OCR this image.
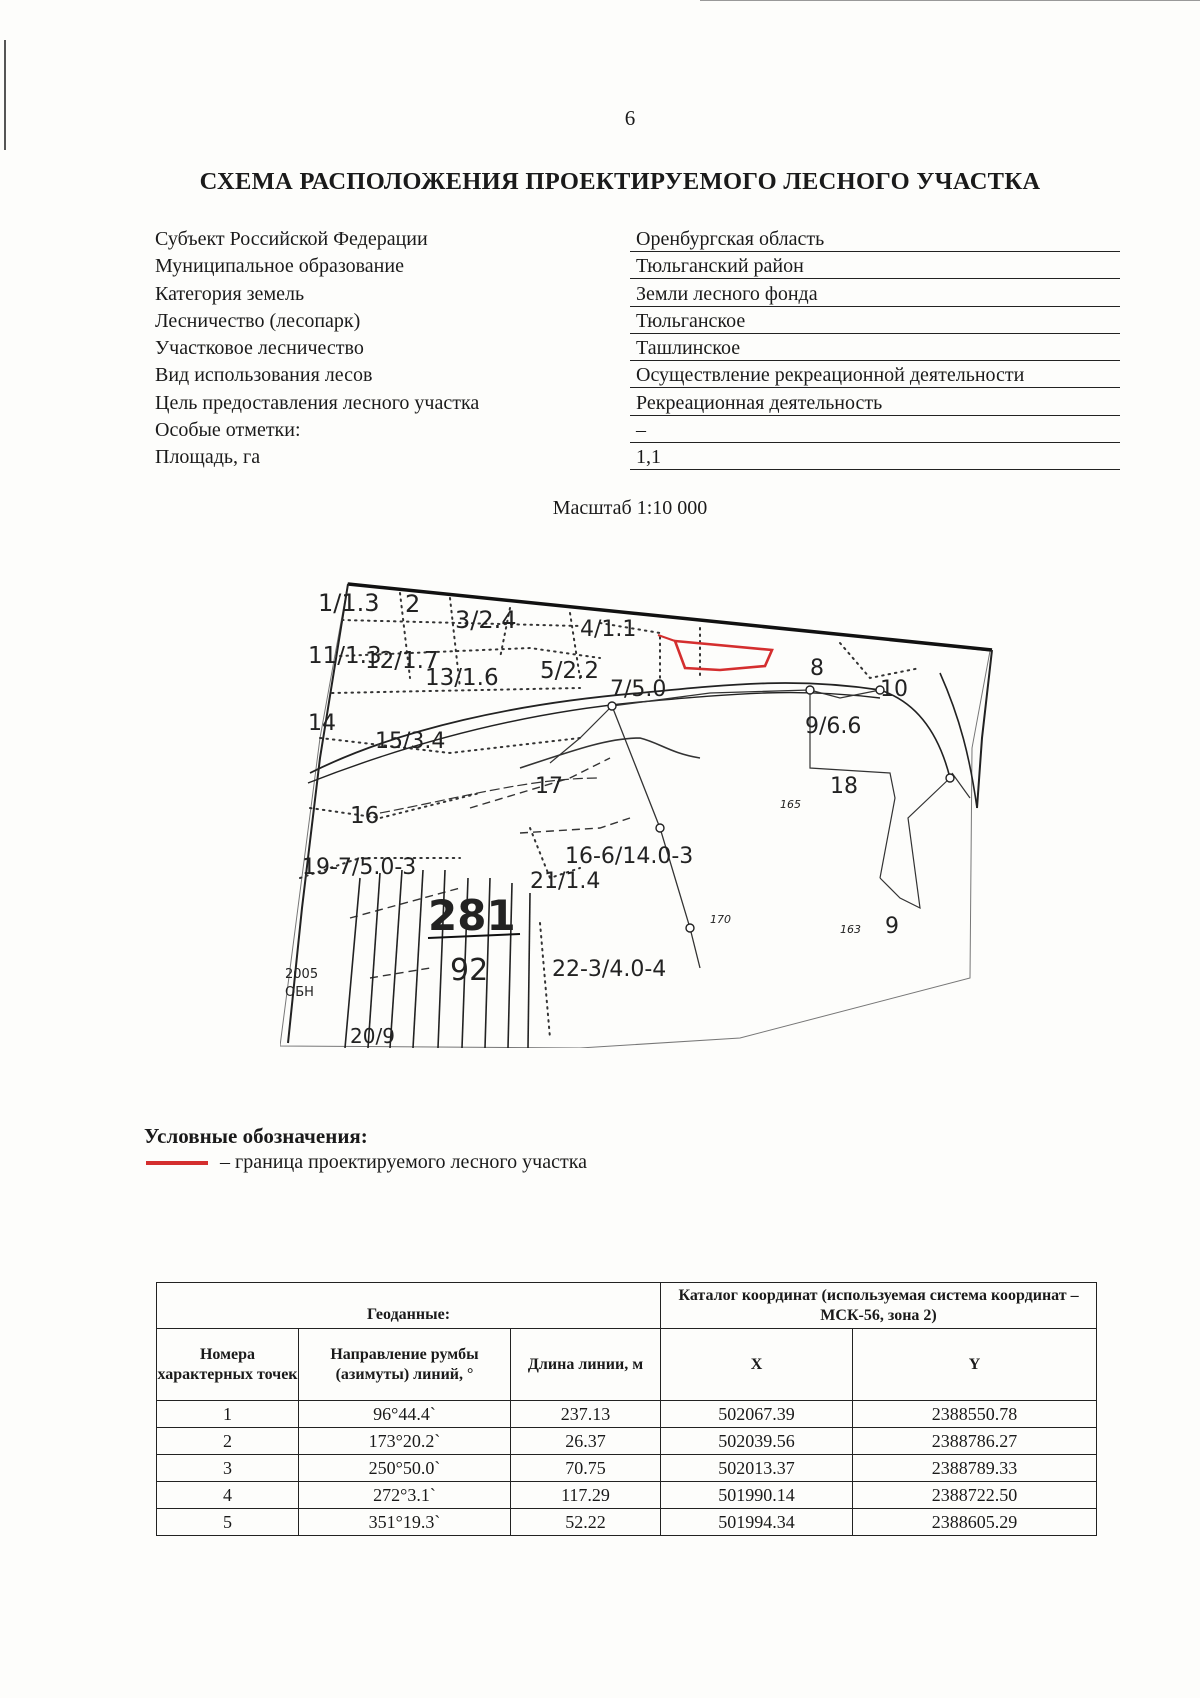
6
СХЕМА РАСПОЛОЖЕНИЯ ПРОЕКТИРУЕМОГО ЛЕСНОГО УЧАСТКА
Субъект Российской Федерации	Оренбургская область
Муниципальное образование	Тюльганский район
Категория земель	Земли лесного фонда
Лесничество (лесопарк)	Тюльганское
Участковое лесничество	Ташлинское
Вид использования лесов	Осуществление рекреационной деятельности
Цель предоставления лесного участка	Рекреационная деятельность
Особые отметки:	–
Площадь, га	1,1
Масштаб 1:10 000
1/1.3 2
3/2.4	4/1.1
11/1.3
12/1.7
13/1.6 5/2.2
7/5.0
8
10
14
15/3.4
9/6.6
16
17	18
19-7/5.0-3	16-6/14.0-3
21/1.4
22-3/4.0-4
2005
ОБН
20/9
165
170
163 9
281
92
Условные обозначения:
– граница проектируемого лесного участка
Геоданные:			Каталог координат (используемая система координат – МСК-56, зона 2)	
Номера характерных точек	Направление румбы (азимуты) линий, °	Длина линии, м	X	Y
1	96°44.4`	237.13	502067.39	2388550.78
2	173°20.2`	26.37	502039.56	2388786.27
3	250°50.0`	70.75	502013.37	2388789.33
4	272°3.1`	117.29	501990.14	2388722.50
5	351°19.3`	52.22	501994.34	2388605.29
